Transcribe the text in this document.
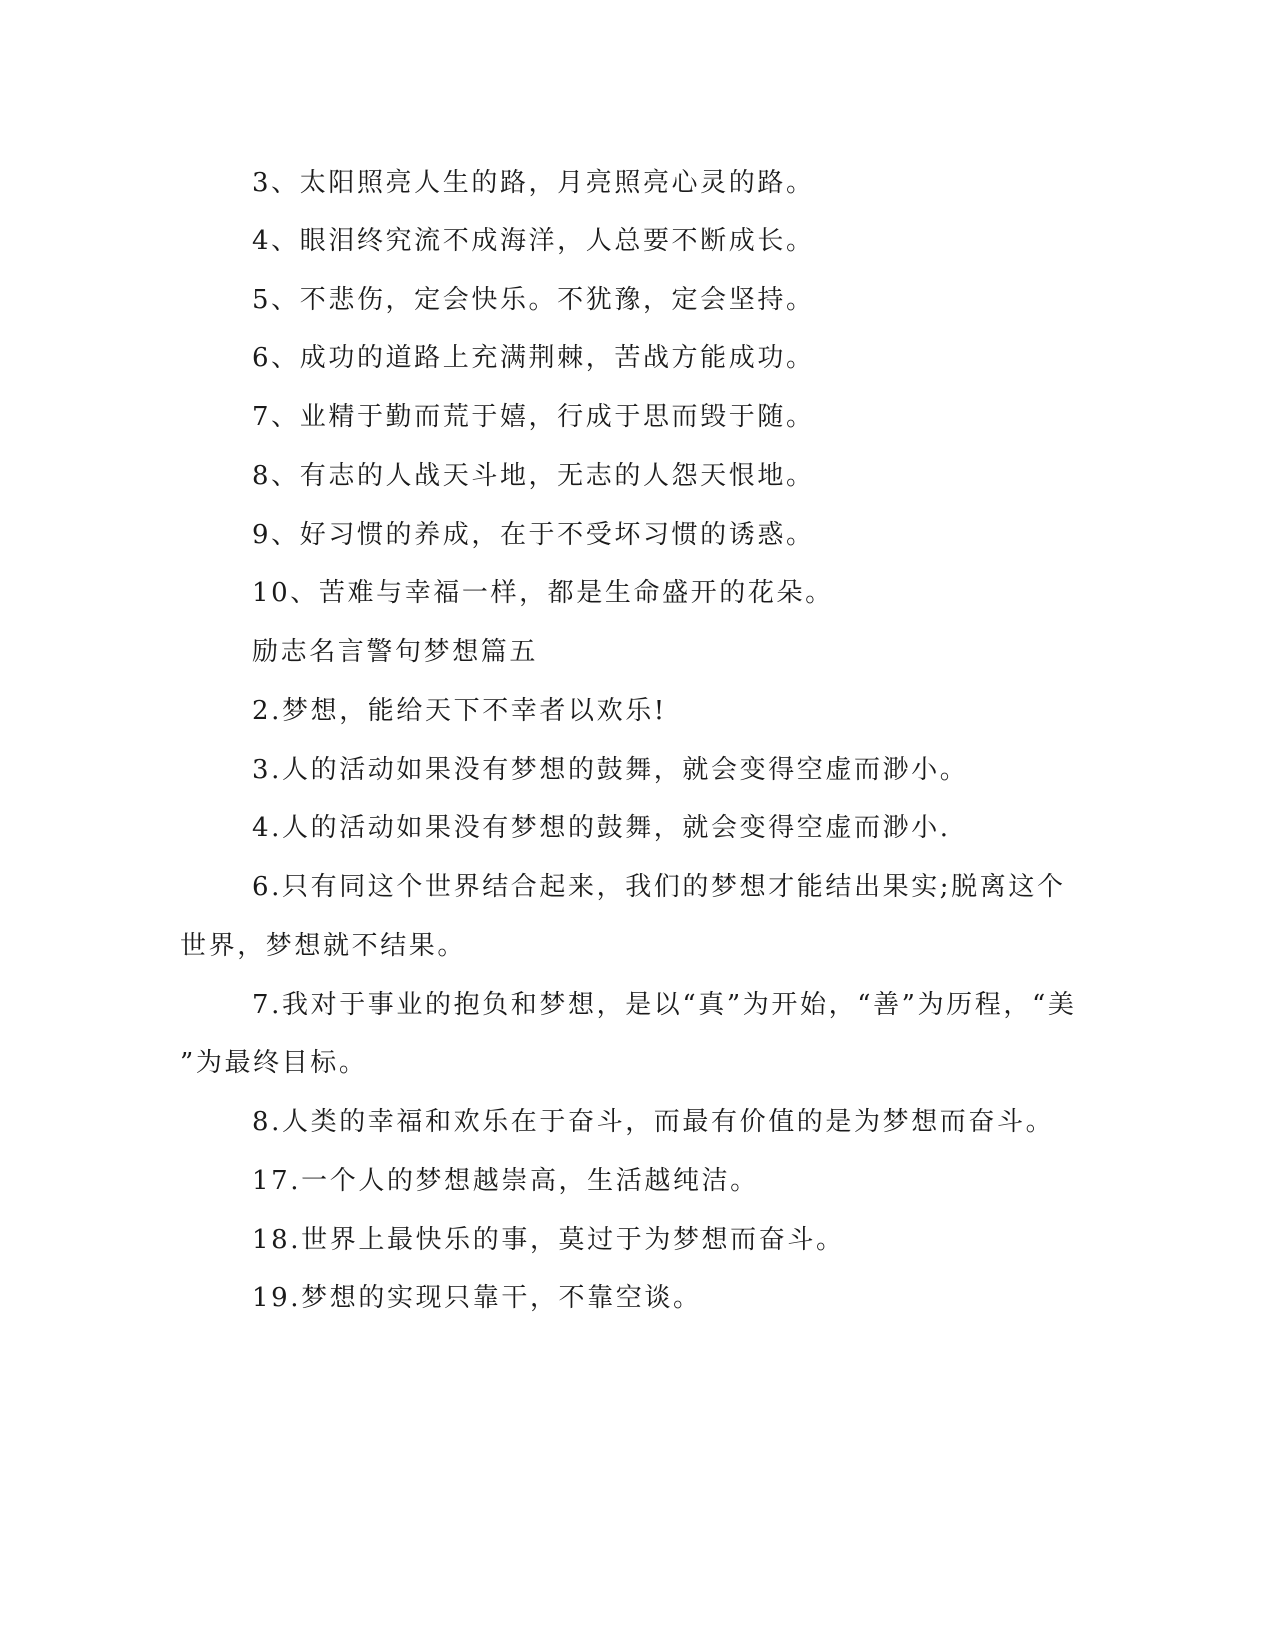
3、太阳照亮人生的路，月亮照亮心灵的路。
4、眼泪终究流不成海洋，人总要不断成长。
5、不悲伤，定会快乐。不犹豫，定会坚持。
6、成功的道路上充满荆棘，苦战方能成功。
7、业精于勤而荒于嬉，行成于思而毁于随。
8、有志的人战天斗地，无志的人怨天恨地。
9、好习惯的养成，在于不受坏习惯的诱惑。
10、苦难与幸福一样，都是生命盛开的花朵。
励志名言警句梦想篇五
2.梦想，能给天下不幸者以欢乐!
3.人的活动如果没有梦想的鼓舞，就会变得空虚而渺小。
4.人的活动如果没有梦想的鼓舞，就会变得空虚而渺小.
6.只有同这个世界结合起来，我们的梦想才能结出果实;脱离这个
世界，梦想就不结果。
7.我对于事业的抱负和梦想，是以“真”为开始，“善”为历程，“美
”为最终目标。
8.人类的幸福和欢乐在于奋斗，而最有价值的是为梦想而奋斗。
17.一个人的梦想越崇高，生活越纯洁。
18.世界上最快乐的事，莫过于为梦想而奋斗。
19.梦想的实现只靠干，不靠空谈。
